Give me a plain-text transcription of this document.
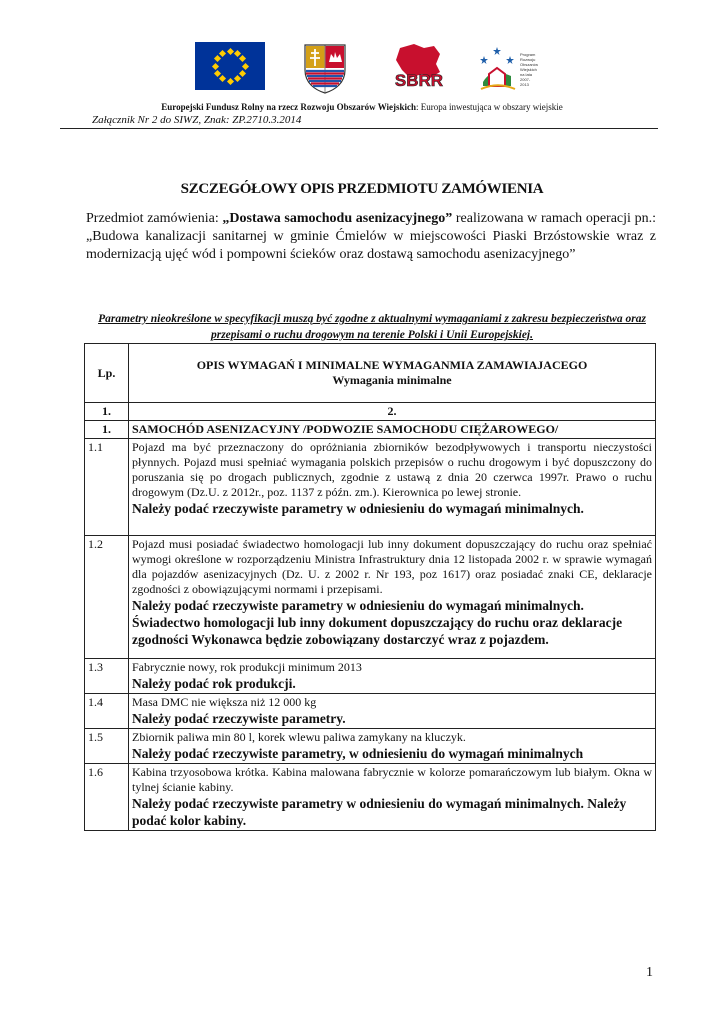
SBRR
Program
Rozwoju
Obszarów
Wiejskich
na lata 2007-2013
Europejski Fundusz Rolny na rzecz Rozwoju Obszarów Wiejskich: Europa inwestująca w obszary wiejskie
Załącznik Nr 2 do SIWZ, Znak: ZP.2710.3.2014
SZCZEGÓŁOWY OPIS PRZEDMIOTU ZAMÓWIENIA
Przedmiot zamówienia: „Dostawa samochodu asenizacyjnego” realizowana w ramach operacji pn.: „Budowa kanalizacji sanitarnej w gminie Ćmielów w miejscowości Piaski Brzóstowskie wraz z modernizacją ujęć wód i pompowni ścieków oraz dostawą samochodu asenizacyjnego”
Parametry nieokreślone w specyfikacji muszą być zgodne z aktualnymi wymaganiami z zakresu bezpieczeństwa oraz przepisami o ruchu drogowym na terenie Polski i Unii Europejskiej.
Lp.	OPIS WYMAGAŃ I MINIMALNE WYMAGANMIA ZAMAWIAJACEGO
Wymagania minimalne

1.	2.
1.	SAMOCHÓD ASENIZACYJNY /PODWOZIE SAMOCHODU CIĘŻAROWEGO/
1.1	Pojazd ma być przeznaczony do opróżniania zbiorników bezodpływowych i transportu nieczystości płynnych. Pojazd musi spełniać wymagania polskich przepisów o ruchu drogowym i być dopuszczony do poruszania się po drogach publicznych, zgodnie z ustawą z dnia 20 czerwca 1997r. Prawo o ruchu drogowym (Dz.U. z 2012r., poz. 1137 z późn. zm.). Kierownica po lewej stronie.
Należy podać rzeczywiste parametry w odniesieniu do wymagań minimalnych.

1.2	Pojazd musi posiadać świadectwo homologacji lub inny dokument dopuszczający do ruchu oraz spełniać wymogi określone w rozporządzeniu Ministra Infrastruktury dnia 12 listopada 2002 r. w sprawie wymagań dla pojazdów asenizacyjnych (Dz. U. z 2002 r. Nr 193, poz 1617) oraz posiadać znaki CE, deklaracje zgodności z obowiązującymi normami i przepisami.
Należy podać rzeczywiste parametry w odniesieniu do wymagań minimalnych. Świadectwo homologacji lub inny dokument dopuszczający do ruchu oraz deklaracje zgodności Wykonawca będzie zobowiązany dostarczyć wraz z pojazdem.

1.3	Fabrycznie nowy, rok produkcji minimum 2013
Należy podać rok produkcji.

1.4	Masa DMC nie większa niż 12 000 kg
Należy podać rzeczywiste parametry.

1.5	Zbiornik paliwa min 80 l, korek wlewu paliwa zamykany na kluczyk.
Należy podać rzeczywiste parametry, w odniesieniu do wymagań minimalnych

1.6	Kabina trzyosobowa krótka. Kabina malowana fabrycznie w kolorze pomarańczowym lub białym. Okna w tylnej ścianie kabiny.
Należy podać rzeczywiste parametry w odniesieniu do wymagań minimalnych. Należy podać kolor kabiny.
1
